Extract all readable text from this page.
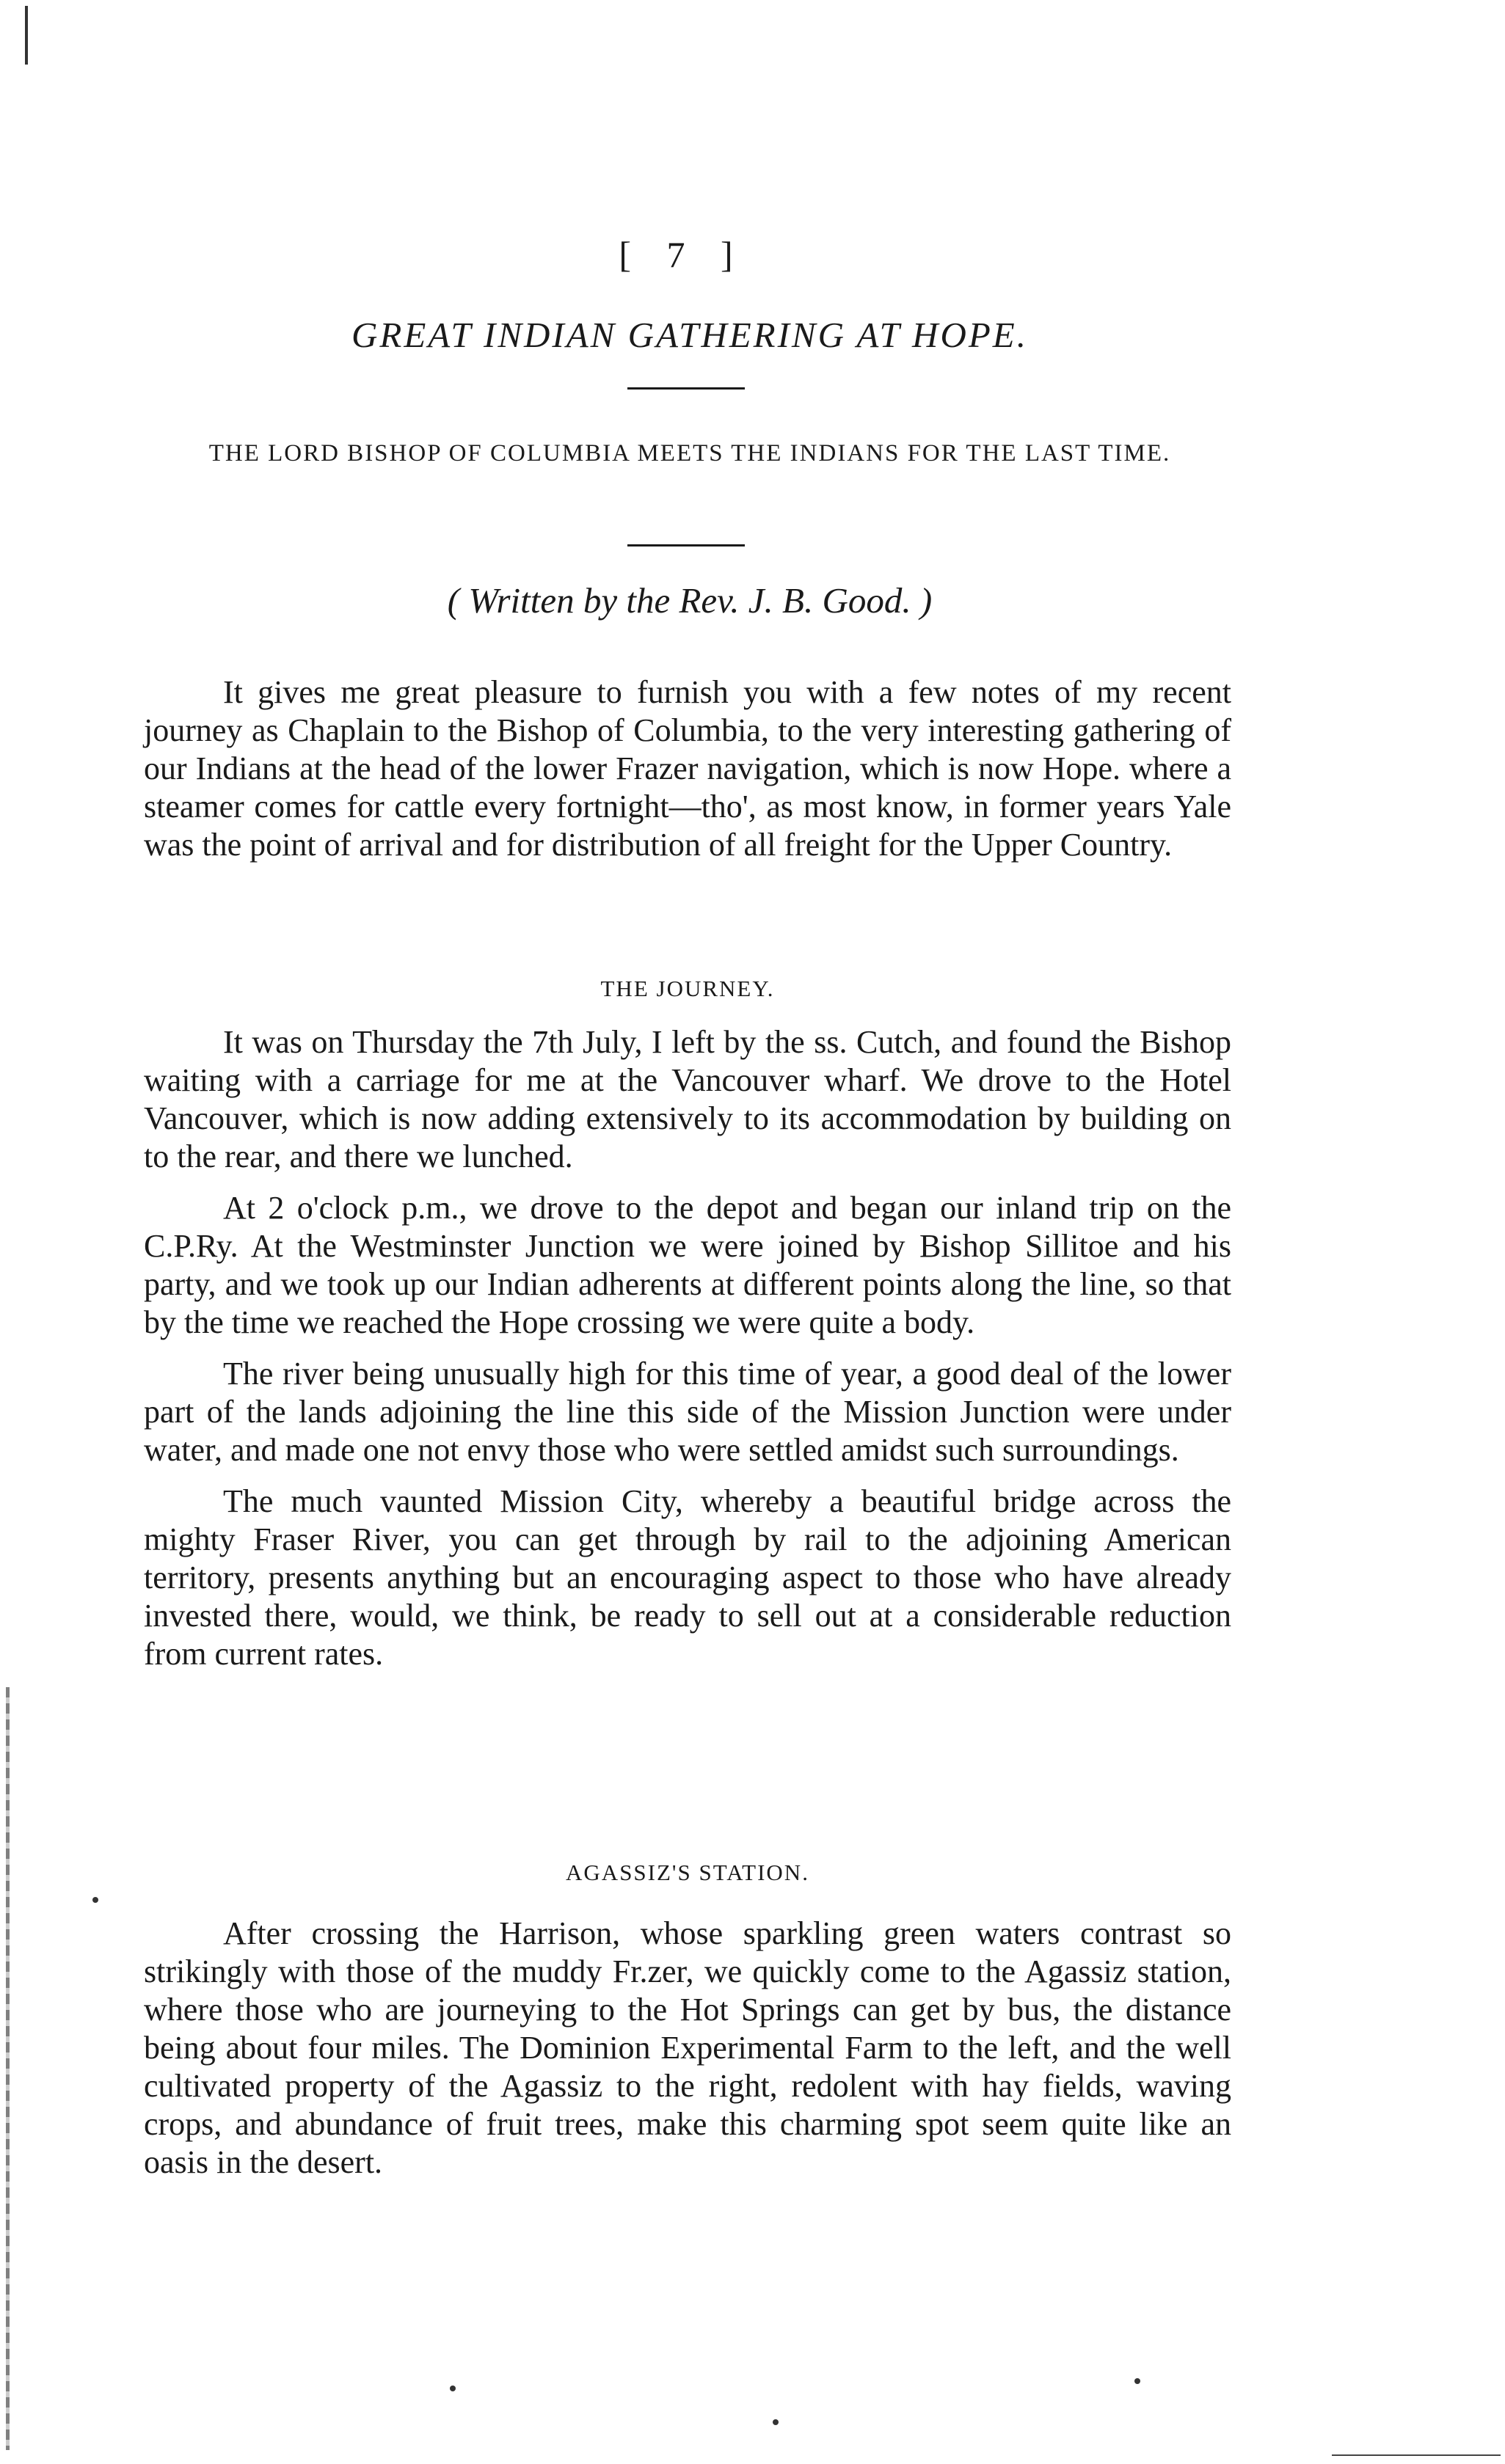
[ 7 ]
GREAT INDIAN GATHERING AT HOPE.
THE LORD BISHOP OF COLUMBIA MEETS THE INDIANS FOR THE LAST TIME.
( Written by the Rev. J. B. Good. )

It gives me great pleasure to furnish you with a few notes of my recent journey as Chaplain to the Bishop of Columbia, to the very interesting gathering of our Indians at the head of the lower Frazer navigation, which is now Hope. where a steamer comes for cattle every fortnight—tho', as most know, in former years Yale was the point of arrival and for distribution of all freight for the Upper Country.

THE JOURNEY.

It was on Thursday the 7th July, I left by the ss. Cutch, and found the Bishop waiting with a carriage for me at the Vancouver wharf. We drove to the Hotel Vancouver, which is now adding extensively to its accommodation by building on to the rear, and there we lunched.

At 2 o'clock p.m., we drove to the depot and began our inland trip on the C.P.Ry. At the Westminster Junction we were joined by Bishop Sillitoe and his party, and we took up our Indian adherents at different points along the line, so that by the time we reached the Hope crossing we were quite a body.

The river being unusually high for this time of year, a good deal of the lower part of the lands adjoining the line this side of the Mission Junction were under water, and made one not envy those who were settled amidst such surroundings.

The much vaunted Mission City, whereby a beautiful bridge across the mighty Fraser River, you can get through by rail to the adjoining American territory, presents anything but an encouraging aspect to those who have already invested there, would, we think, be ready to sell out at a considerable reduction from current rates.

AGASSIZ'S STATION.

After crossing the Harrison, whose sparkling green waters contrast so strikingly with those of the muddy Fr.zer, we quickly come to the Agassiz station, where those who are journeying to the Hot Springs can get by bus, the distance being about four miles. The Dominion Experimental Farm to the left, and the well cultivated property of the Agassiz to the right, redolent with hay fields, waving crops, and abundance of fruit trees, make this charming spot seem quite like an oasis in the desert.
